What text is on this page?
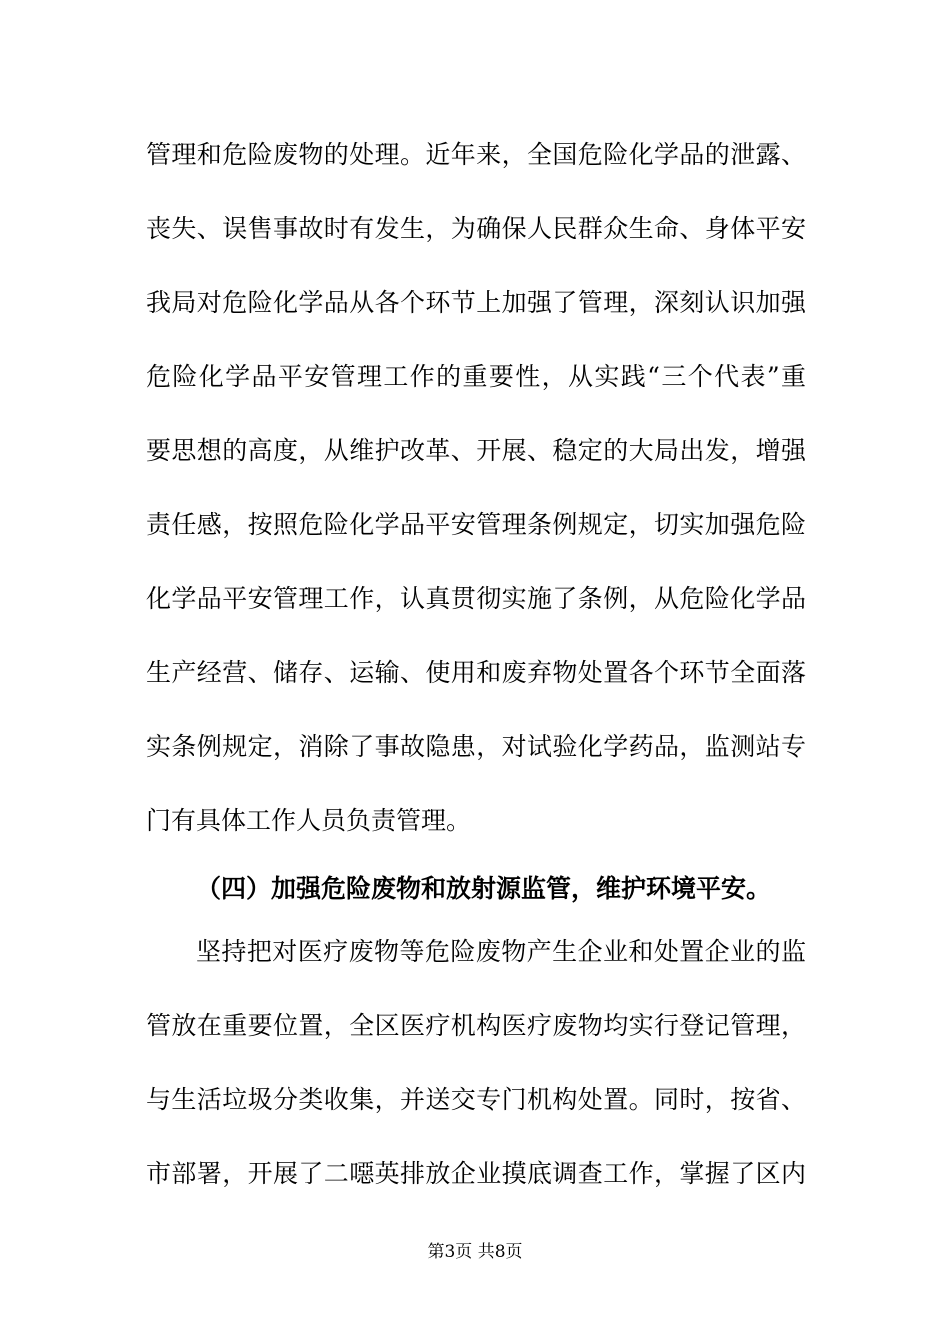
管理和危险废物的处理。近年来，全国危险化学品的泄露、
丧失、误售事故时有发生，为确保人民群众生命、身体平安
我局对危险化学品从各个环节上加强了管理，深刻认识加强
危险化学品平安管理工作的重要性，从实践“三个代表”重
要思想的高度，从维护改革、开展、稳定的大局出发，增强
责任感，按照危险化学品平安管理条例规定，切实加强危险
化学品平安管理工作，认真贯彻实施了条例，从危险化学品
生产经营、储存、运输、使用和废弃物处置各个环节全面落
实条例规定，消除了事故隐患，对试验化学药品，监测站专
门有具体工作人员负责管理。
（四）加强危险废物和放射源监管，维护环境平安。
坚持把对医疗废物等危险废物产生企业和处置企业的监
管放在重要位置，全区医疗机构医疗废物均实行登记管理，
与生活垃圾分类收集，并送交专门机构处置。同时，按省、
市部署，开展了二噁英排放企业摸底调查工作，掌握了区内
第3页 共8页
